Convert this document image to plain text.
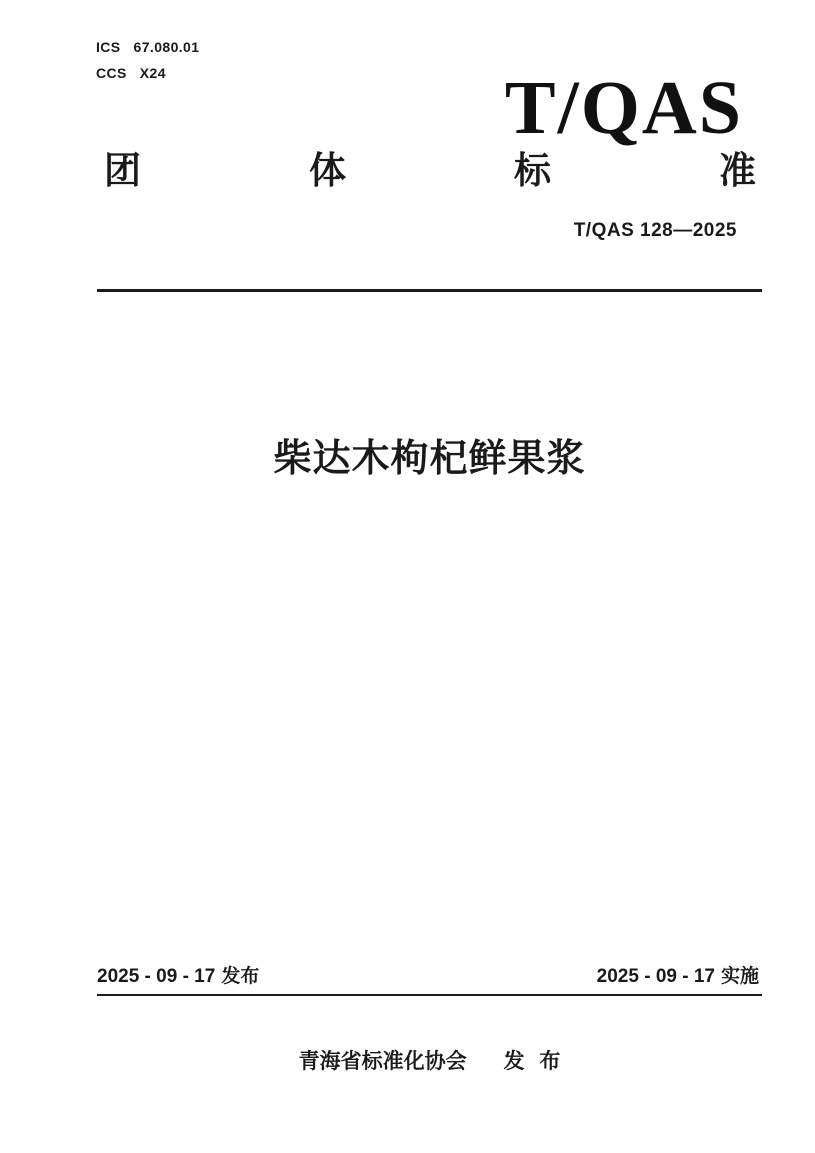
ICS 67.080.01
CCS X24	T/QAS
团	体	标	准
T/QAS 128—2025
柴达木枸杞鲜果浆
2025 - 09 - 17 发布	2025 - 09 - 17 实施
青海省标准化协会 发 布
